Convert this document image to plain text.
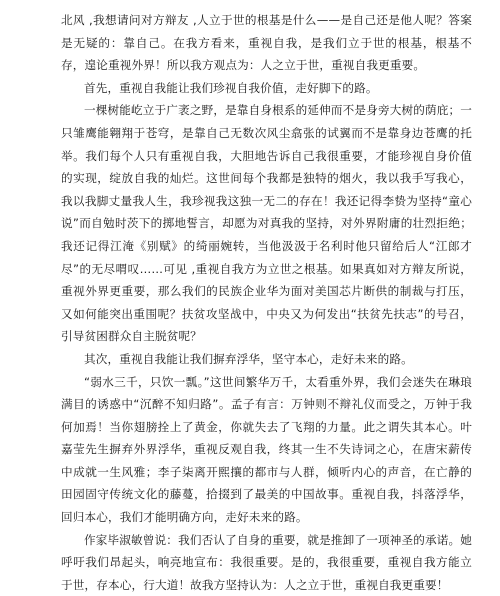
北风 ,我想请问对方辩友 ,人立于世的根基是什么——是自己还是他人呢？答案是无疑的：靠自己。在我方看来，重视自我，是我们立于世的根基，根基不存，遑论重视外界！所以我方观点为：人之立于世，重视自我更重要。

首先，重视自我能让我们珍视自我价值，走好脚下的路。

一棵树能屹立于广袤之野，是靠自身根系的延伸而不是身旁大树的荫庇；一只雏鹰能翱翔于苍穹，是靠自己无数次风尘翕张的试翼而不是靠身边苍鹰的托举。我们每个人只有重视自我，大胆地告诉自己我很重要，才能珍视自身价值的实现，绽放自我的灿烂。这世间每个我都是独特的烟火，我以我手写我心，我以我脚丈量我人生，我珍视我这独一无二的存在！我还记得李贽为坚持“童心说”而自勉时茨下的掷地誓言，却愿为对真我的坚持，对外界附庸的壮烈拒绝；我还记得江淹《别赋》的绮丽婉转，当他汲汲于名利时他只留给后人“江郎才尽”的无尽喟叹……可见 ,重视自我方为立世之根基。如果真如对方辩友所说，重视外界更重要，那么我们的民族企业华为面对美国芯片断供的制裁与打压，又如何能突出重围呢？扶贫攻坚战中，中央又为何发出“扶贫先扶志”的号召，引导贫困群众自主脱贫呢？

其次，重视自我能让我们摒弃浮华，坚守本心，走好未来的路。

“弱水三千，只饮一瓢。”这世间繁华万千，太看重外界，我们会迷失在琳琅满目的诱惑中“沉醉不知归路”。孟子有言：万钟则不辩礼仪而受之，万钟于我何加焉！当你翅膀拴上了黄金，你就失去了飞翔的力量。此之谓失其本心。叶嘉莹先生摒弃外界浮华，重视反观自我，终其一生不失诗词之心，在唐宋薪传中成就一生风雅；李子柒离开熙攘的都市与人群，倾听内心的声音，在亡静的田园固守传统文化的藤蔓，拾掇到了最美的中国故事。重视自我，抖落浮华，回归本心，我们才能明确方向，走好未来的路。

作家毕淑敏曾说：我们否认了自身的重要，就是推卸了一项神圣的承诺。她呼吁我们昂起头，响亮地宣布：我很重要。是的，我很重要，重视自我方能立于世，存本心，行大道！故我方坚持认为：人之立于世，重视自我更重要！
